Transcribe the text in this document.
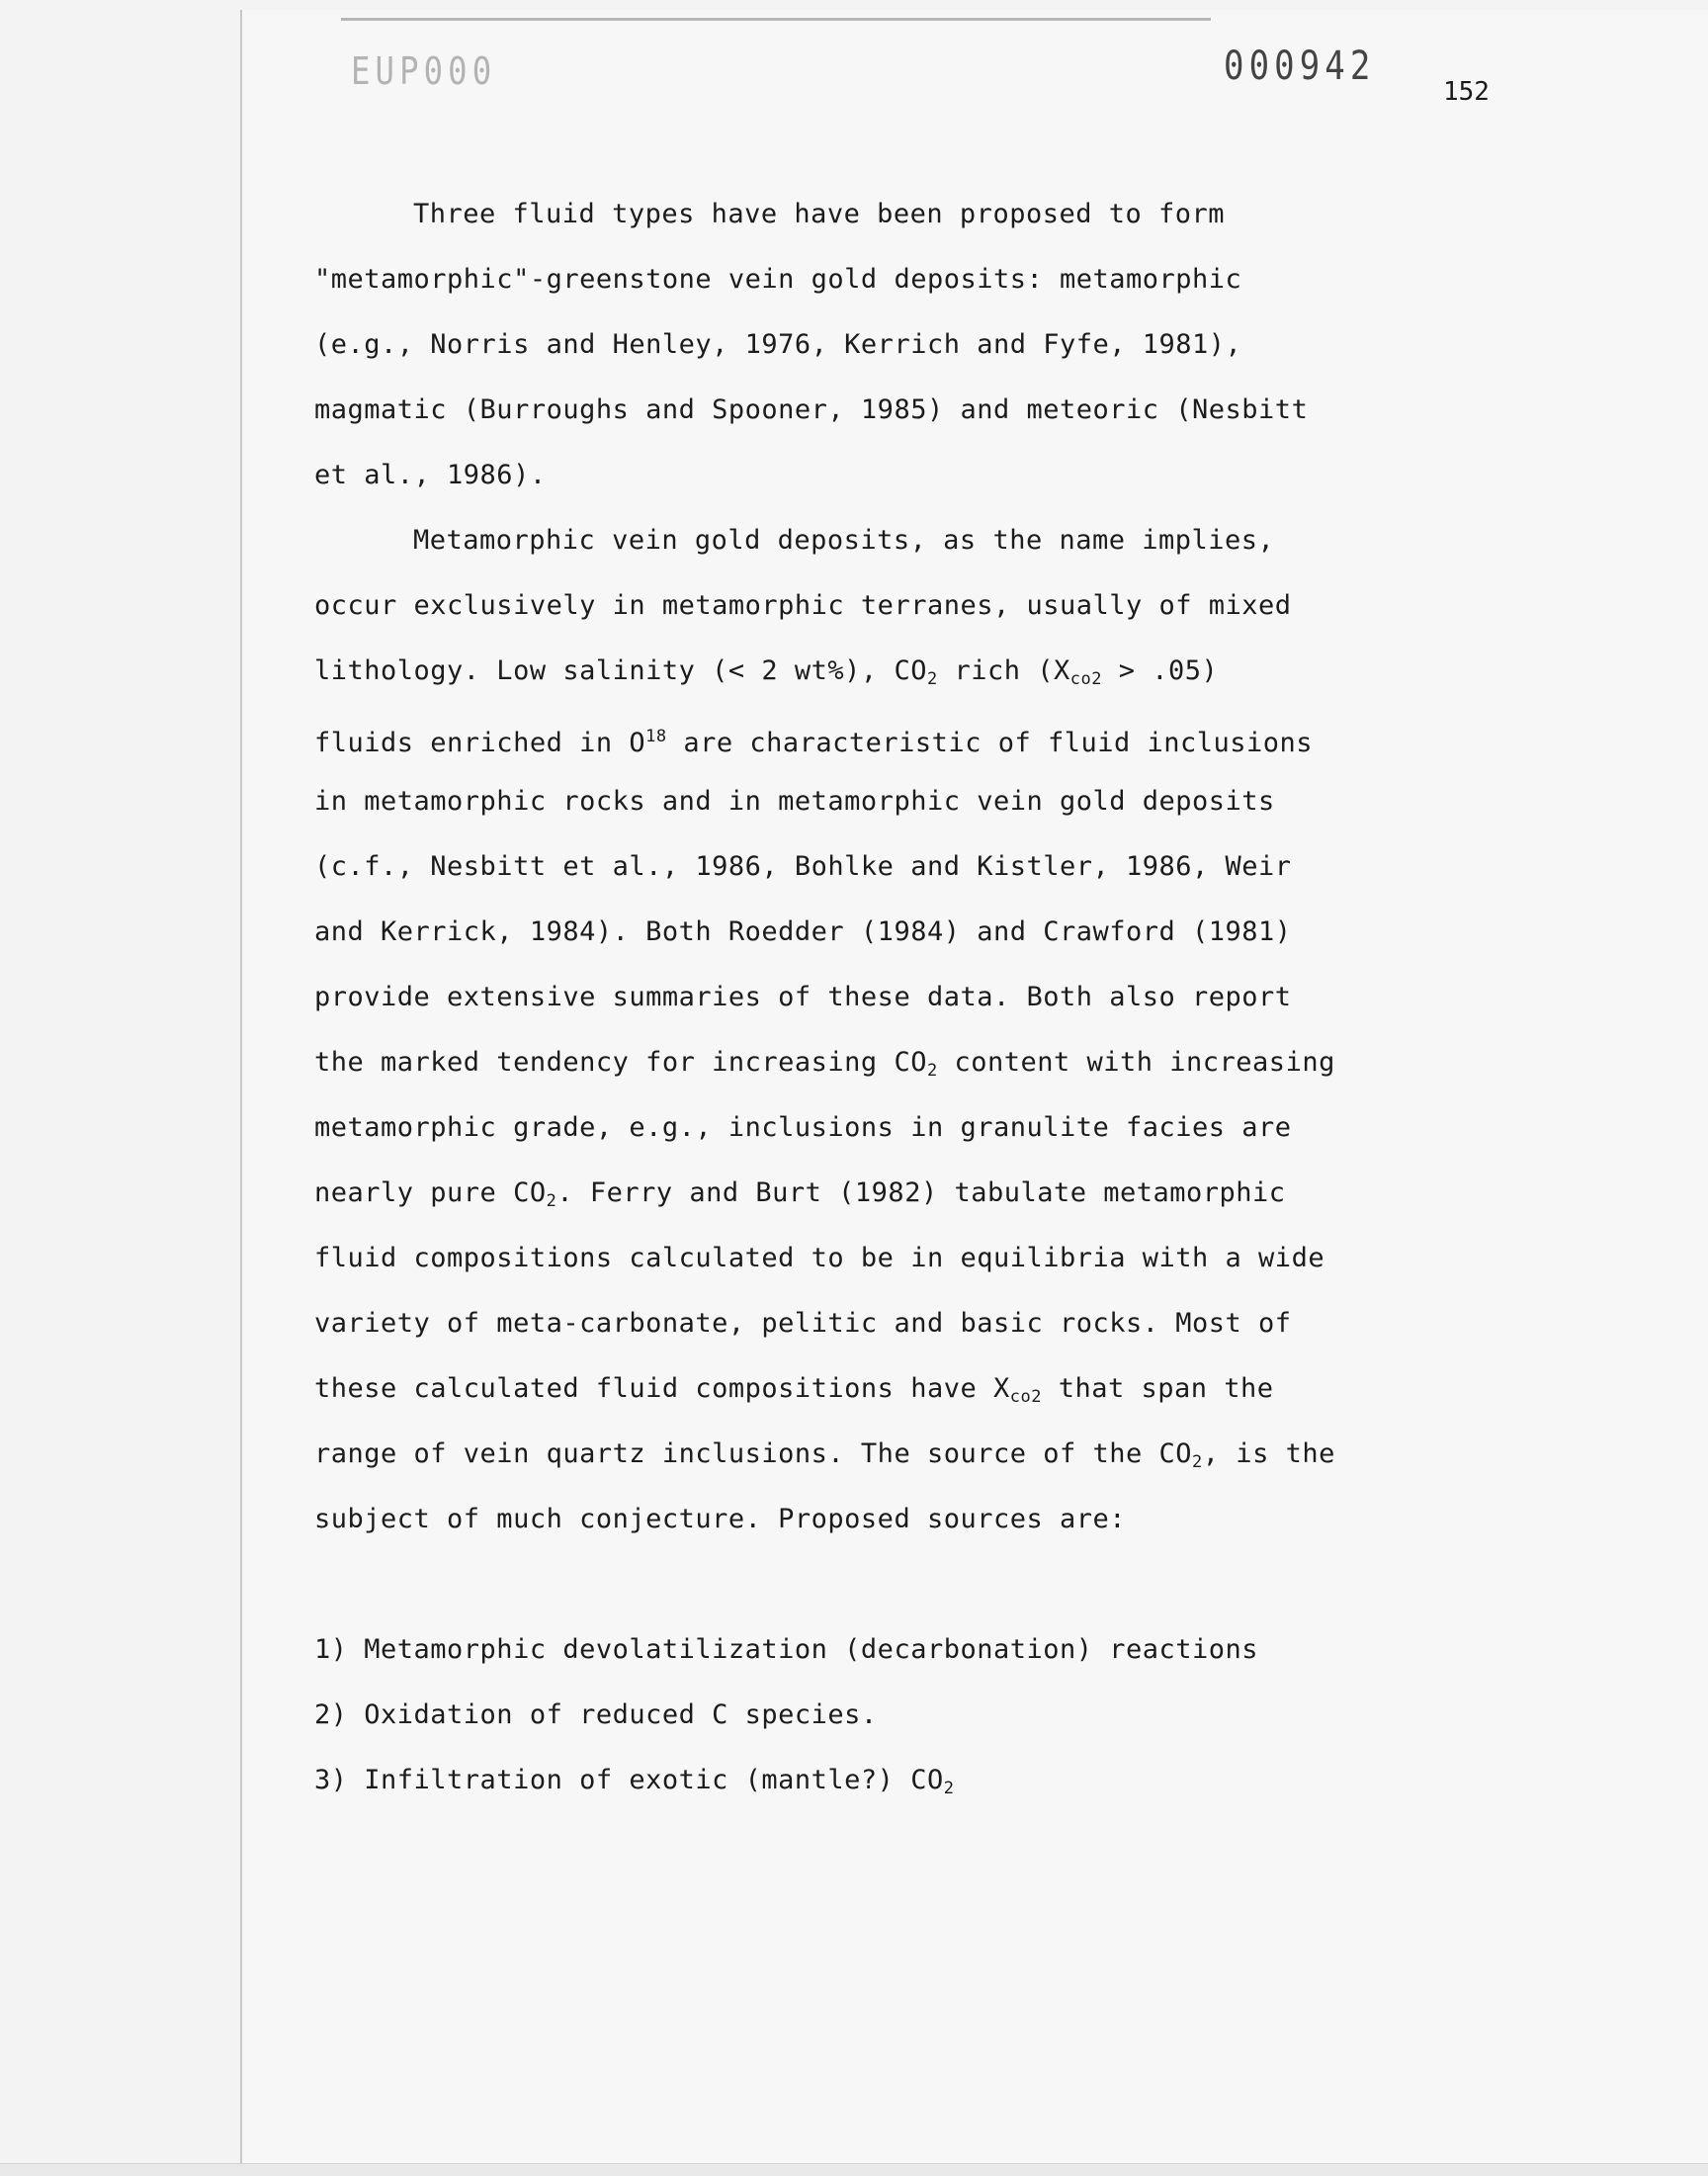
EUP000	000942
152
Three fluid types have have been proposed to form
"metamorphic"-greenstone vein gold deposits: metamorphic
(e.g., Norris and Henley, 1976, Kerrich and Fyfe, 1981),
magmatic (Burroughs and Spooner, 1985) and meteoric (Nesbitt
et al., 1986).
Metamorphic vein gold deposits, as the name implies,
occur exclusively in metamorphic terranes, usually of mixed
lithology. Low salinity (< 2 wt%), $CO_2$ rich $(X_{co2} > .05)$
fluids enriched in $O^{18}$ are characteristic of fluid inclusions
in metamorphic rocks and in metamorphic vein gold deposits
(c.f., Nesbitt et al., 1986, Bohlke and Kistler, 1986, Weir
and Kerrick, 1984). Both Roedder (1984) and Crawford (1981)
provide extensive summaries of these data. Both also report
the marked tendency for increasing $CO_2$ content with increasing
metamorphic grade, e.g., inclusions in granulite facies are
nearly pure $CO_2$. Ferry and Burt (1982) tabulate metamorphic
fluid compositions calculated to be in equilibria with a wide
variety of meta-carbonate, pelitic and basic rocks. Most of
these calculated fluid compositions have $X_{co2}$ that span the
range of vein quartz inclusions. The source of the $CO_2$, is the
subject of much conjecture. Proposed sources are:
1) Metamorphic devolatilization (decarbonation) reactions
2) Oxidation of reduced C species.
3) Infiltration of exotic (mantle?) $CO_2$
